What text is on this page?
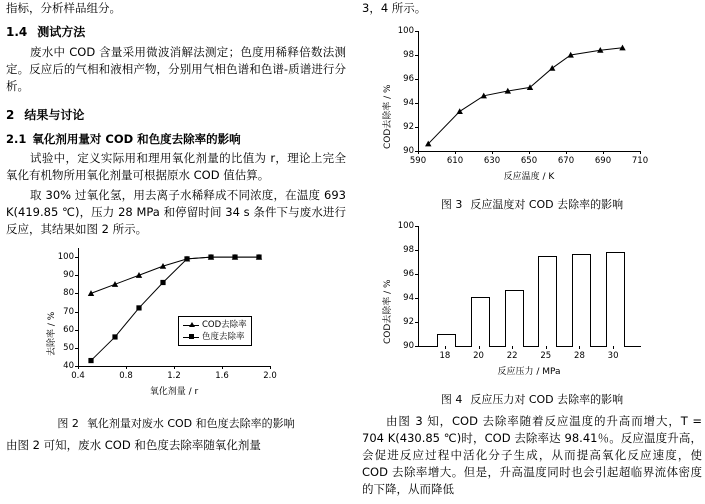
指标，分析样品组分。

1.4 测试方法

废水中 COD 含量采用微波消解法测定；色度用稀释倍数法测定。反应后的气相和液相产物，分别用气相色谱和色谱-质谱进行分析。

2 结果与讨论
2.1 氧化剂用量对 COD 和色度去除率的影响

试验中，定义实际用和理用氧化剂量的比值为 r，理论上完全氧化有机物所用氧化剂量可根据原水 COD 值估算。

取 30% 过氧化氢，用去离子水稀释成不同浓度，在温度 693 K(419.85 ℃)，压力 28 MPa 和停留时间 34 s 条件下与废水进行反应，其结果如图 2 所示。

去除率 / %
40
50
60
70
80
90
100
0.4	0.8	1.2	1.6	2.0
COD去除率
色度去除率
氧化剂量 / r
图 2 氧化剂量对废水 COD 和色度去除率的影响

由图 2 可知，废水 COD 和色度去除率随氧化剂量

3，4 所示。

COD去除率 / %
90
92
94
96
98
100
590	610	630	650	670	690	710
反应温度 / K
图 3 反应温度对 COD 去除率的影响
COD去除率 / %
18	20	22	25	28	30
90
92
94
96
98
100
反应压力 / MPa
图 4 反应压力对 COD 去除率的影响

由图 3 知，COD 去除率随着反应温度的升高而增大，T = 704 K(430.85 ℃)时，COD 去除率达 98.41％。反应温度升高，会促进反应过程中活化分子生成，从而提高氧化反应速度，使 COD 去除率增大。但是，升高温度同时也会引起超临界流体密度的下降，从而降低
